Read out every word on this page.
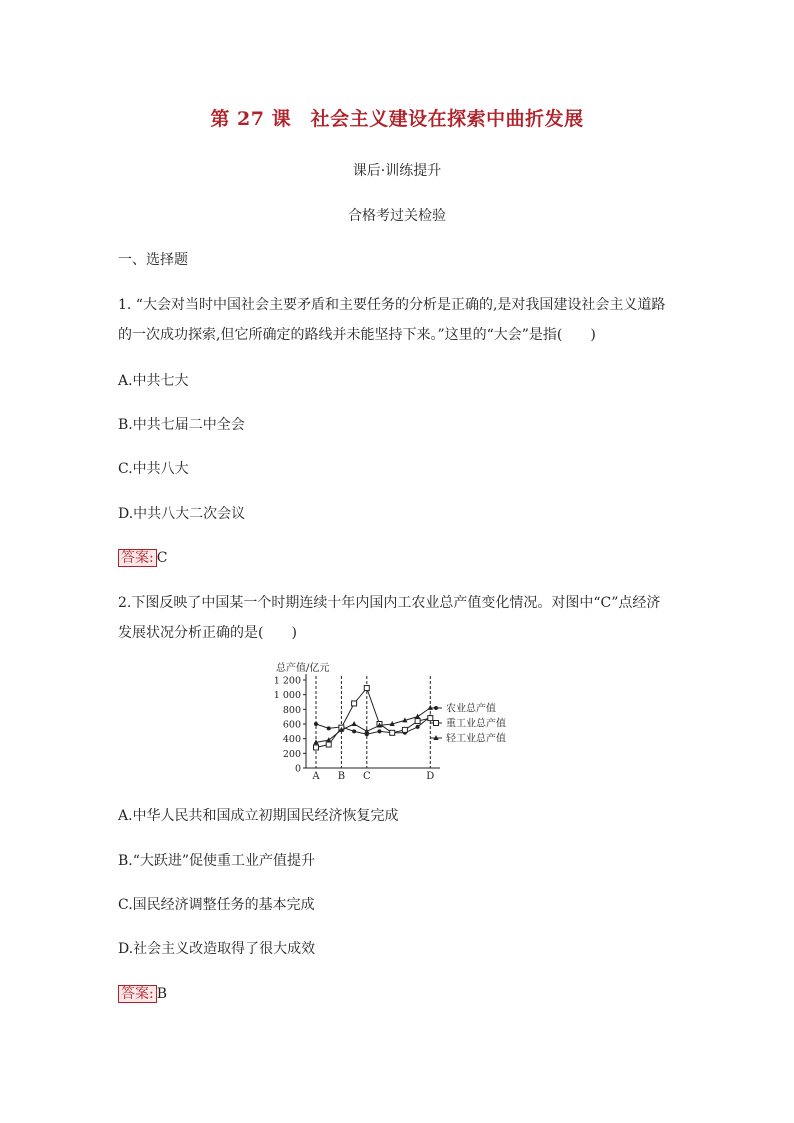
第 27 课　社会主义建设在探索中曲折发展
课后·训练提升
合格考过关检验
一、选择题
1. “大会对当时中国社会主要矛盾和主要任务的分析是正确的,是对我国建设社会主义道路
的一次成功探索,但它所确定的路线并未能坚持下来。”这里的“大会”是指(　　)
A.中共七大
B.中共七届二中全会
C.中共八大
D.中共八大二次会议
答案: C
2.下图反映了中国某一个时期连续十年内国内工农业总产值变化情况。对图中“C”点经济
发展状况分析正确的是(　　)
总产值/亿元
0
200
400
600
800
1 000
1 200
A B C	D
农业总产值
重工业总产值
轻工业总产值
A.中华人民共和国成立初期国民经济恢复完成
B.“大跃进”促使重工业产值提升
C.国民经济调整任务的基本完成
D.社会主义改造取得了很大成效
答案: B
